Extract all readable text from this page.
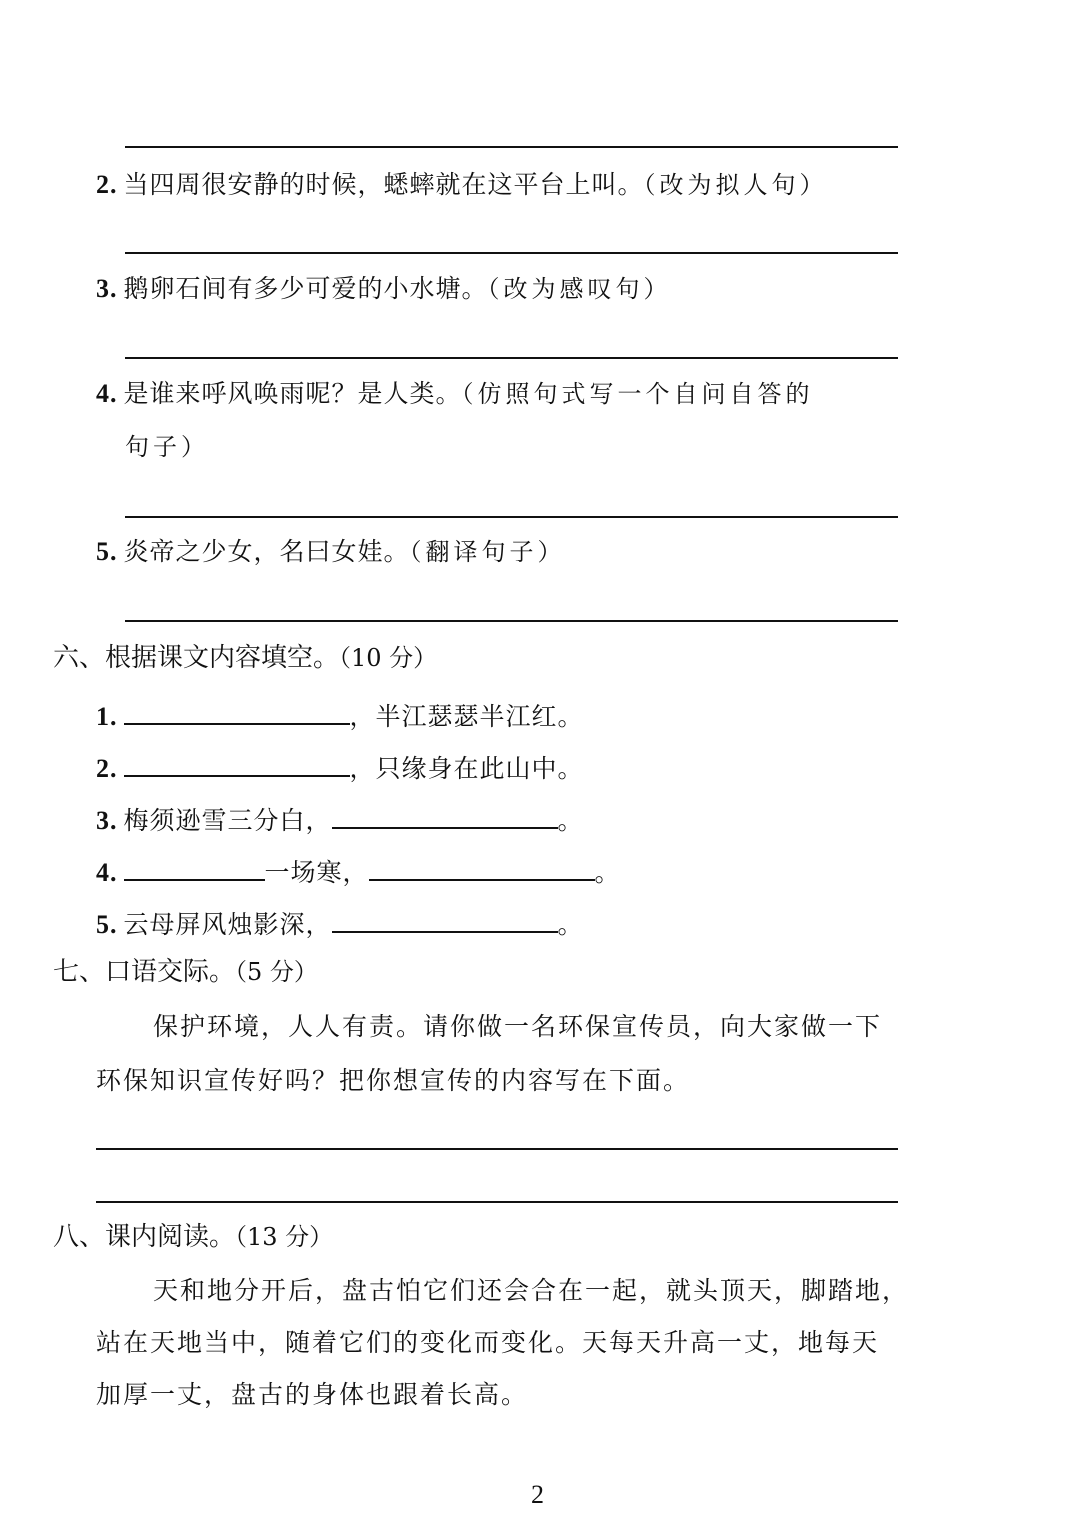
2. 当四周很安静的时候，蟋蟀就在这平台上叫。（改为拟人句）
3. 鹅卵石间有多少可爱的小水塘。（改为感叹句）
4. 是谁来呼风唤雨呢？是人类。（仿照句式写一个自问自答的
句子）
5. 炎帝之少女，名曰女娃。（翻译句子）
六、根据课文内容填空。（10 分）
1.	，半江瑟瑟半江红。
2.	，只缘身在此山中。
3. 梅须逊雪三分白，	。
4.	一场寒，	。
5. 云母屏风烛影深，	。
七、口语交际。（5 分）
保护环境，人人有责。请你做一名环保宣传员，向大家做一下
环保知识宣传好吗？把你想宣传的内容写在下面。
八、课内阅读。（13 分）
天和地分开后，盘古怕它们还会合在一起，就头顶天，脚踏地，
站在天地当中，随着它们的变化而变化。天每天升高一丈，地每天
加厚一丈，盘古的身体也跟着长高。
2
